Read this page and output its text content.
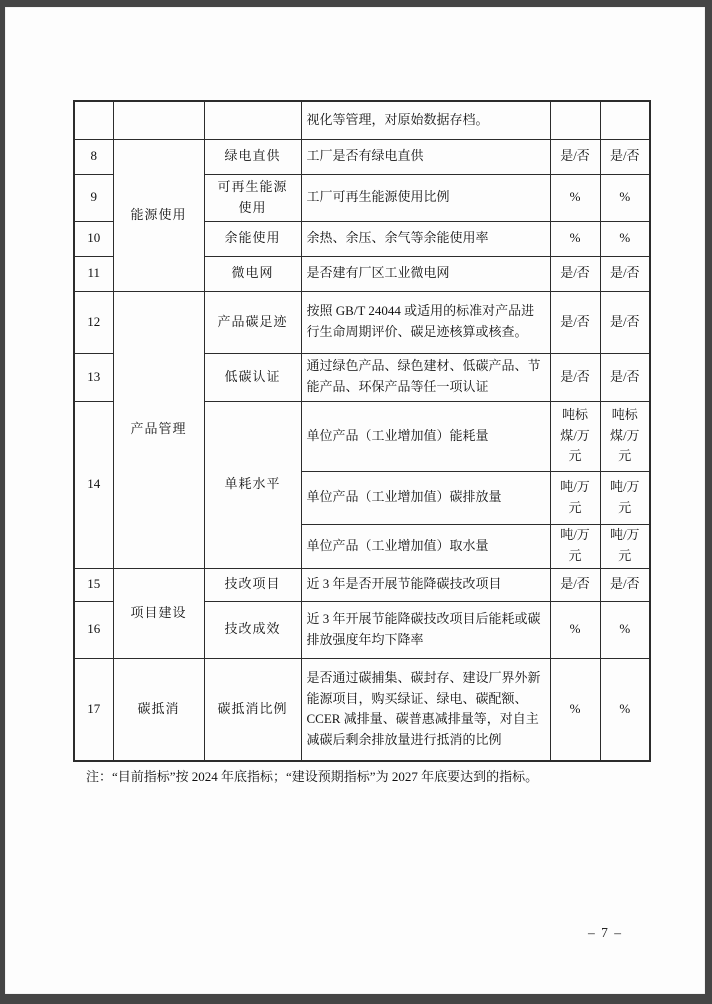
			视化等管理，对原始数据存档。		
8	能源使用	绿电直供	工厂是否有绿电直供	是/否	是/否
9		可再生能源使用	工厂可再生能源使用比例	%	%
10		余能使用	余热、余压、余气等余能使用率	%	%
11		微电网	是否建有厂区工业微电网	是/否	是/否
12	产品管理	产品碳足迹	按照 GB/T 24044 或适用的标准对产品进行生命周期评价、碳足迹核算或核查。	是/否	是/否
13		低碳认证	通过绿色产品、绿色建材、低碳产品、节能产品、环保产品等任一项认证	是/否	是/否
14		单耗水平	单位产品（工业增加值）能耗量	吨标煤/万元	吨标煤/万元
			单位产品（工业增加值）碳排放量	吨/万元	吨/万元
			单位产品（工业增加值）取水量	吨/万元	吨/万元
15	项目建设	技改项目	近 3 年是否开展节能降碳技改项目	是/否	是/否
16		技改成效	近 3 年开展节能降碳技改项目后能耗或碳排放强度年均下降率	%	%
17	碳抵消	碳抵消比例	是否通过碳捕集、碳封存、建设厂界外新能源项目，购买绿证、绿电、碳配额、CCER 减排量、碳普惠减排量等，对自主减碳后剩余排放量进行抵消的比例	%	%
注：“目前指标”按 2024 年底指标；“建设预期指标”为 2027 年底要达到的指标。
– 7 –
